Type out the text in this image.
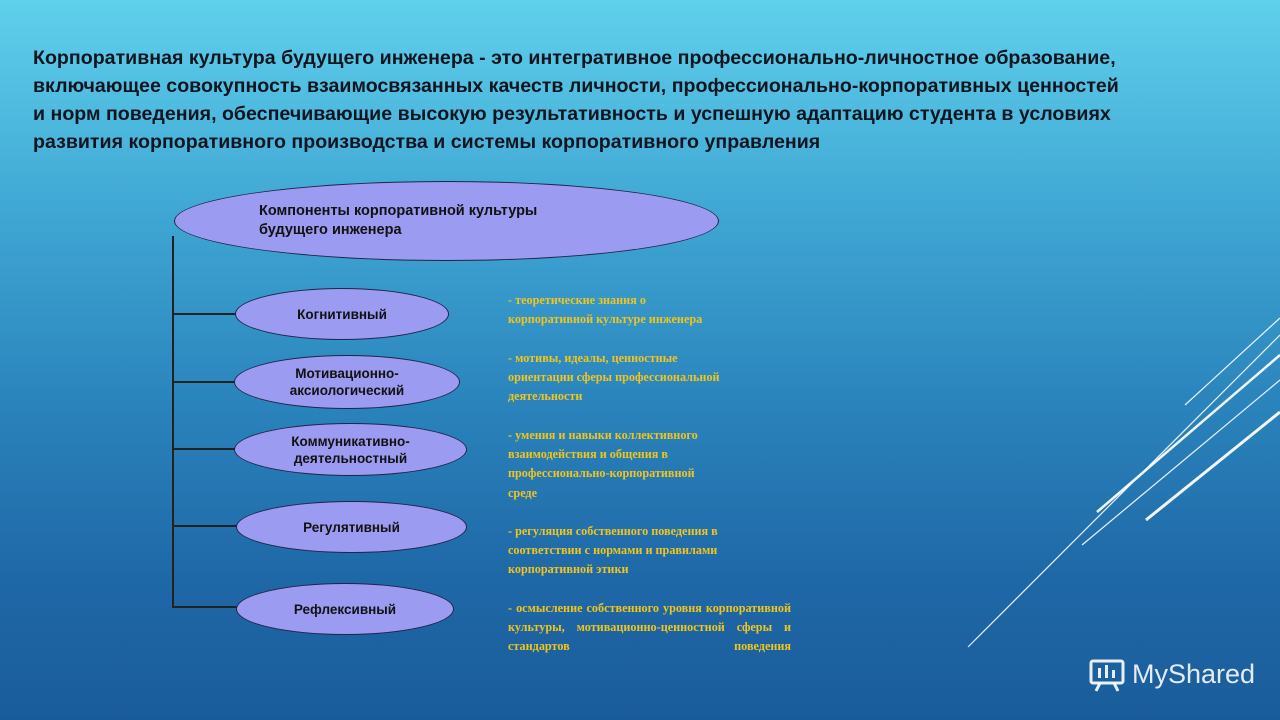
Корпоративная культура будущего инженера - это интегративное профессионально-личностное образование,
включающее совокупность взаимосвязанных качеств личности, профессионально-корпоративных ценностей
и норм поведения, обеспечивающие высокую результативность и успешную адаптацию студента в условиях
развития корпоративного производства и системы корпоративного управления
Компоненты корпоративной культуры
будущего инженера
Когнитивный
Мотивационно-
аксиологический
Коммуникативно-
деятельностный
Регулятивный
Рефлексивный
- теоретические знания о
корпоративной культуре инженера
- мотивы, идеалы, ценностные
ориентации сферы профессиональной
деятельности
- умения и навыки коллективного
взаимодействия и общения в
профессионально-корпоративной
среде
- регуляция собственного поведения в
соответствии с нормами и правилами
корпоративной этики
- осмысление собственного уровня корпоративной культуры, мотивационно-ценностной сферы и стандартов поведения
MyShared
